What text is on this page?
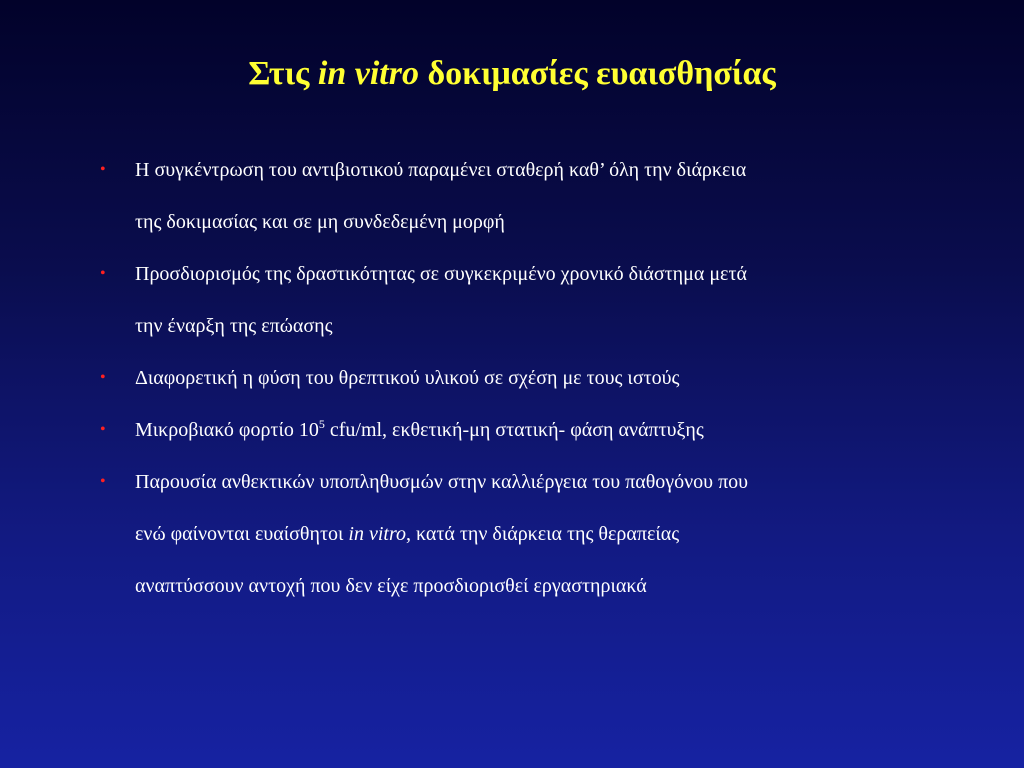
Στις in vitro δοκιμασίες ευαισθησίας
• Η συγκέντρωση του αντιβιοτικού παραμένει σταθερή καθ’ όλη την διάρκεια
της δοκιμασίας και σε μη συνδεδεμένη μορφή
• Προσδιορισμός της δραστικότητας σε συγκεκριμένο χρονικό διάστημα μετά
την έναρξη της επώασης
• Διαφορετική η φύση του θρεπτικού υλικού σε σχέση με τους ιστούς
• Μικροβιακό φορτίο $10^5$ cfu/ml, εκθετική-μη στατική- φάση ανάπτυξης
• Παρουσία ανθεκτικών υποπληθυσμών στην καλλιέργεια του παθογόνου που
ενώ φαίνονται ευαίσθητοι in vitro, κατά την διάρκεια της θεραπείας
αναπτύσσουν αντοχή που δεν είχε προσδιορισθεί εργαστηριακά
